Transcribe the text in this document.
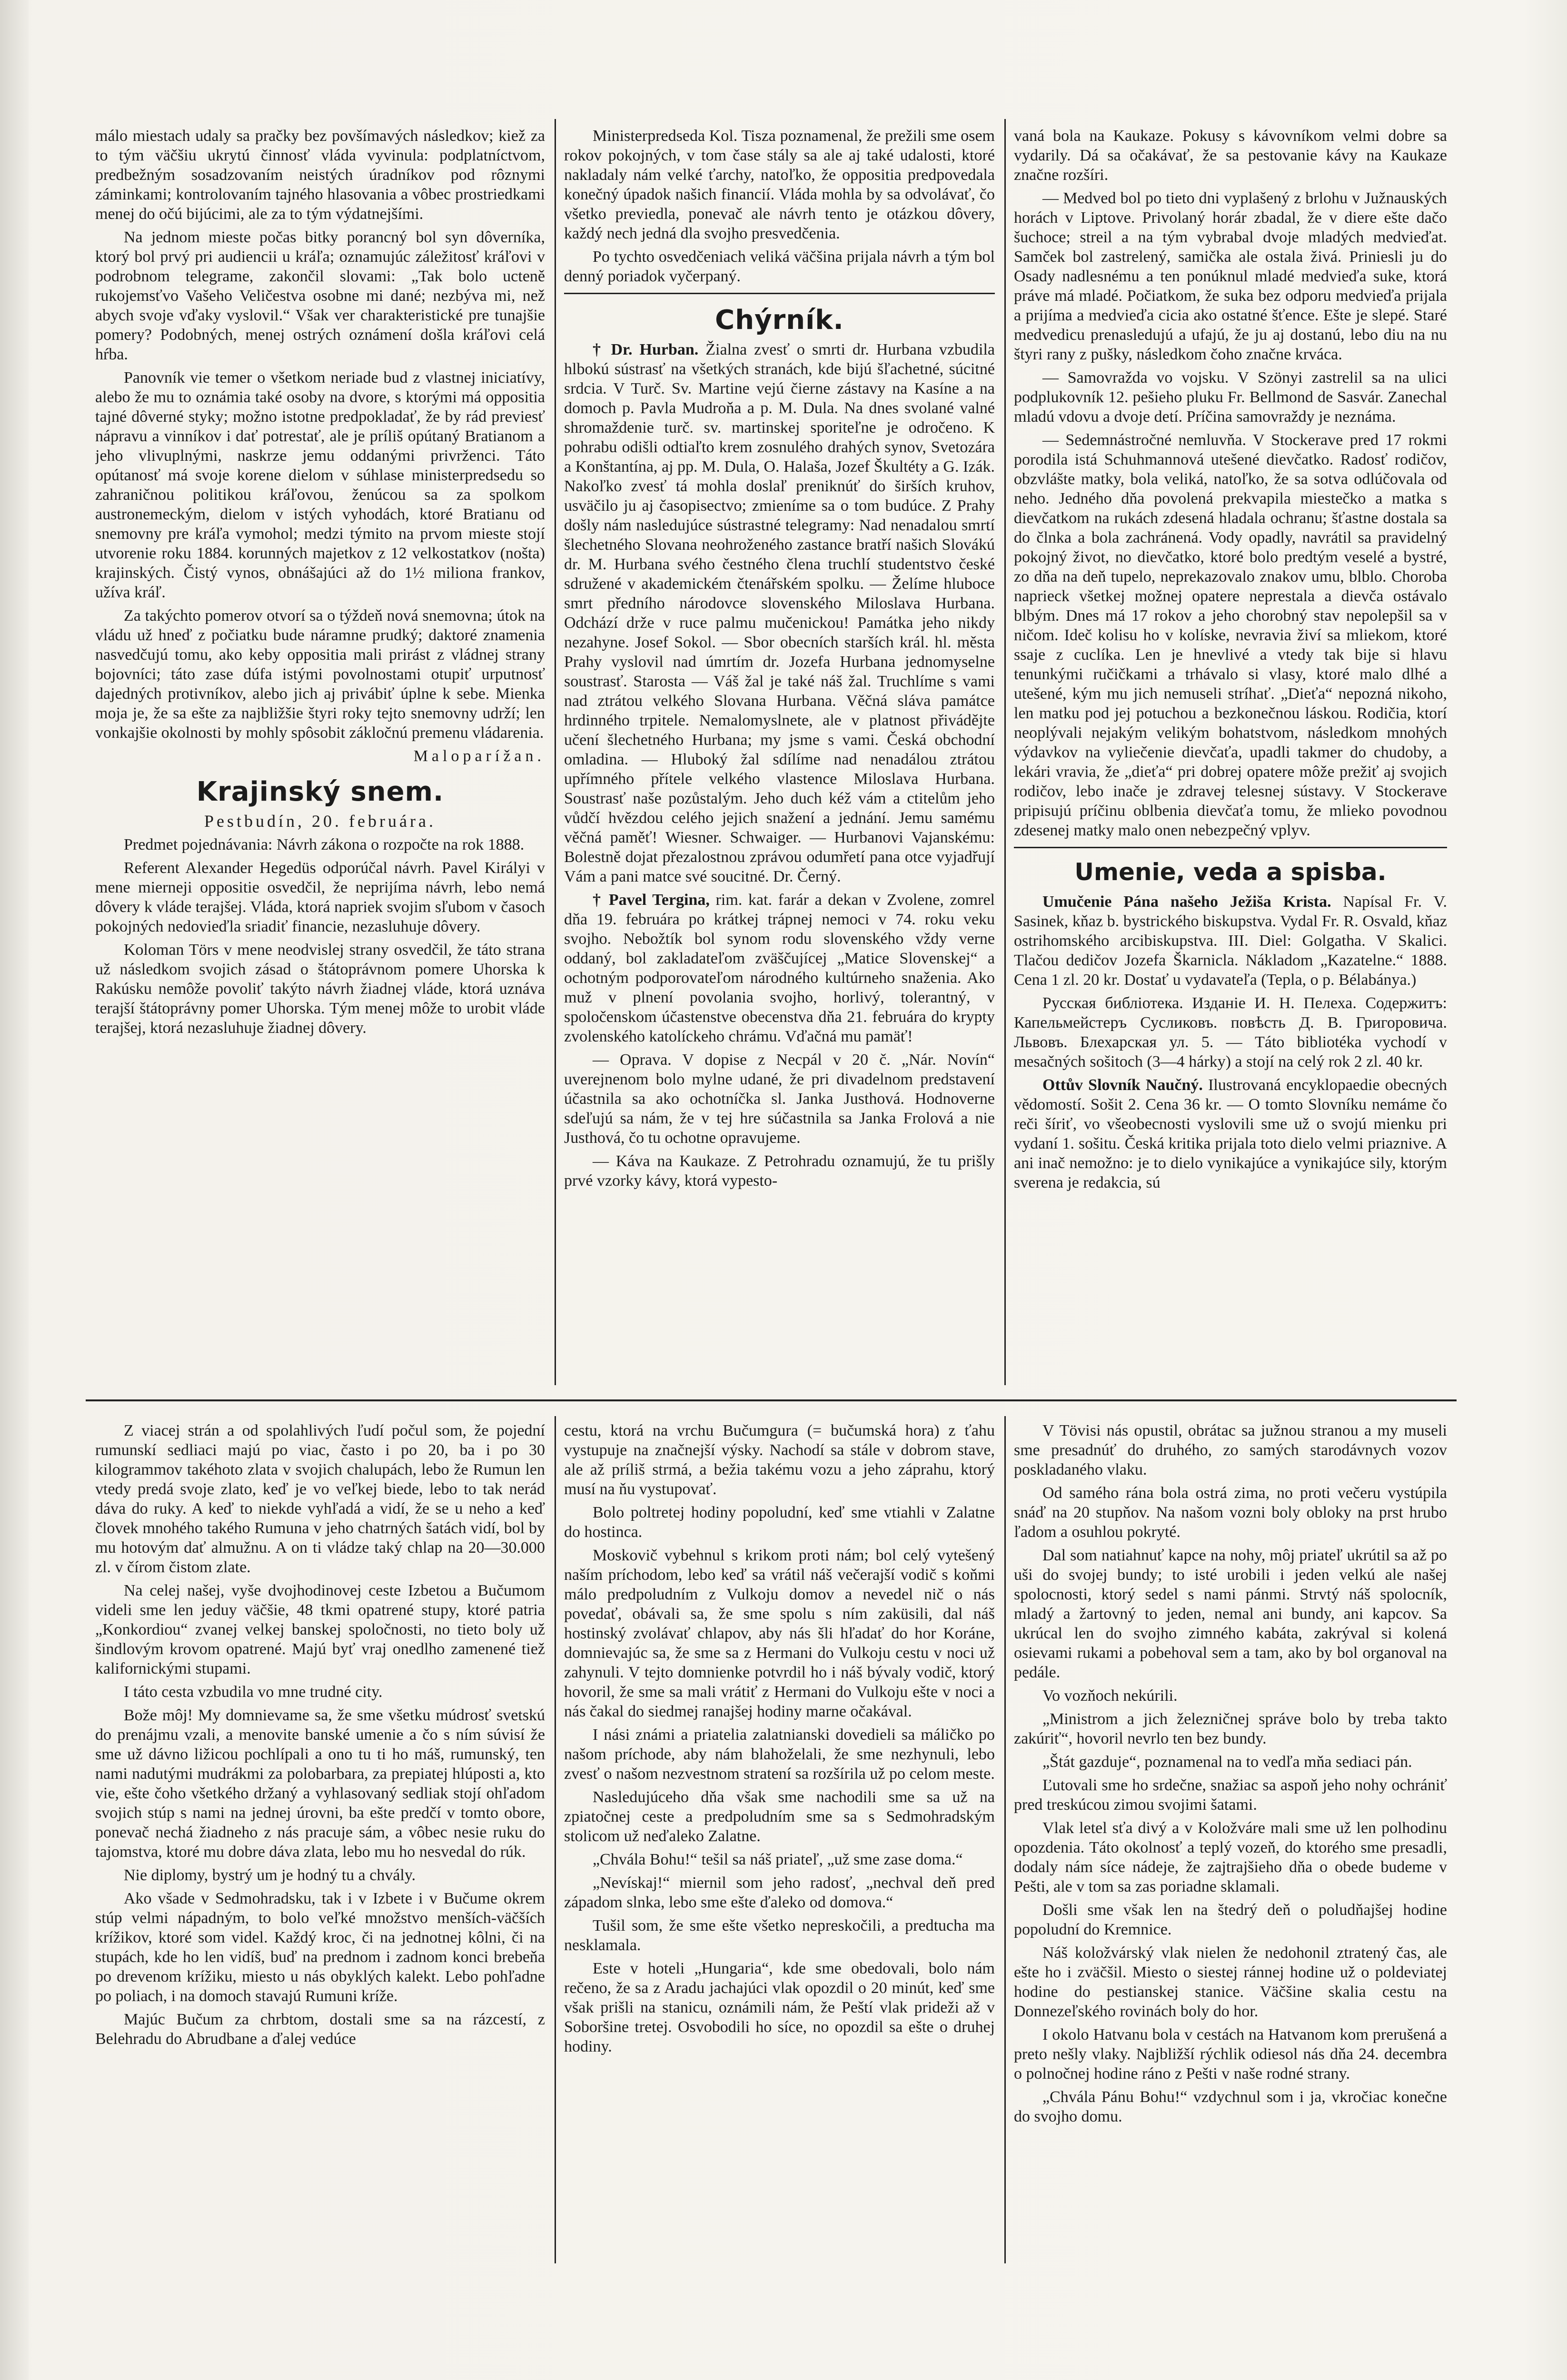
málo miestach udaly sa pračky bez povšímavých následkov; kiež za to tým väčšiu ukrytú činnosť vláda vyvinula: podplatníctvom, predbežným sosadzovaním neistých úradníkov pod rôznymi záminkami; kontrolovaním tajného hlasovania a vôbec prostriedkami menej do očú bijúcimi, ale za to tým výdatnejšími.

Na jednom mieste počas bitky porancný bol syn dôverníka, ktorý bol prvý pri audiencii u kráľa; oznamujúc záležitosť kráľovi v podrobnom telegrame, zakončil slovami: „Tak bolo ucteně rukojemsťvo Vašeho Veličestva osobne mi dané; nezbýva mi, než abych svoje vďaky vyslovil.“ Však ver charakteristické pre tunajšie pomery? Podobných, menej ostrých oznámení došla kráľovi celá hŕba.

Panovník vie temer o všetkom neriade bud z vlastnej iniciatívy, alebo že mu to oznámia také osoby na dvore, s ktorými má oppositia tajné dôverné styky; možno istotne predpokladať, že by rád previesť nápravu a vinníkov i dať potrestať, ale je príliš opútaný Bratianom a jeho vlivuplnými, naskrze jemu oddanými privrženci. Táto opútanosť má svoje korene dielom v súhlase ministerpredsedu so zahraničnou politikou kráľovou, ženúcou sa za spolkom austronemeckým, dielom v istých vyhodách, ktoré Bratianu od snemovny pre kráľa vymohol; medzi týmito na prvom mieste stojí utvorenie roku 1884. korunných majetkov z 12 velkostatkov (nošta) krajinských. Čistý vynos, obnášajúci až do 1½ miliona frankov, užíva kráľ.

Za takýchto pomerov otvorí sa o týždeň nová snemovna; útok na vládu už hneď z počiatku bude náramne prudký; daktoré znamenia nasvedčujú tomu, ako keby oppositia mali prirást z vládnej strany bojovníci; táto zase dúfa istými povolnostami otupiť urputnosť dajedných protivníkov, alebo jich aj privábiť úplne k sebe. Mienka moja je, že sa ešte za najbližšie štyri roky tejto snemovny udrží; len vonkajšie okolnosti by mohly spôsobit zákločnú premenu vládarenia.

Maloparížan.

Krajinský snem.

Pestbudín, 20. februára.

Predmet pojednávania: Návrh zákona o rozpočte na rok 1888.

Referent Alexander Hegedüs odporúčal návrh. Pavel Királyi v mene mierneji oppositie osvedčil, že neprijíma návrh, lebo nemá dôvery k vláde terajšej. Vláda, ktorá napriek svojim sľubom v časoch pokojných nedovieďla sriadiť financie, nezasluhuje dôvery.

Koloman Törs v mene neodvislej strany osvedčil, že táto strana už následkom svojich zásad o štátoprávnom pomere Uhorska k Rakúsku nemôže povoliť takýto návrh žiadnej vláde, ktorá uznáva terajší štátoprávny pomer Uhorska. Tým menej môže to urobit vláde terajšej, ktorá nezasluhuje žiadnej dôvery.

Ministerpredseda Kol. Tisza poznamenal, že prežili sme osem rokov pokojných, v tom čase stály sa ale aj také udalosti, ktoré nakladaly nám velké ťarchy, natoľko, že oppositia predpovedala konečný úpadok našich financií. Vláda mohla by sa odvolávať, čo všetko previedla, ponevač ale návrh tento je otázkou dôvery, každý nech jedná dla svojho presvedčenia.

Po tychto osvedčeniach veliká väčšina prijala návrh a tým bol denný poriadok vyčerpaný.

Chýrník.

† Dr. Hurban. Žialna zvesť o smrti dr. Hurbana vzbudila hlbokú sústrasť na všetkých stranách, kde bijú šľachetné, súcitné srdcia. V Turč. Sv. Martine vejú čierne zástavy na Kasíne a na domoch p. Pavla Mudroňa a p. M. Dula. Na dnes svolané valné shromaždenie turč. sv. martinskej sporiteľne je odročeno. K pohrabu odišli odtiaľto krem zosnulého drahých synov, Svetozára a Konštantína, aj pp. M. Dula, O. Halaša, Jozef Škultéty a G. Izák. Nakoľko zvesť tá mohla doslaľ preniknúť do širších kruhov, usväčilo ju aj časopisectvo; zmieníme sa o tom budúce. Z Prahy došly nám nasledujúce sústrastné telegramy: Nad nenadalou smrtí šlechetného Slovana neohroženého zastance bratří našich Slovákú dr. M. Hurbana svého čestného člena truchlí studentstvo české sdružené v akademickém čtenářském spolku. — Želíme hluboce smrt předního národovce slovenského Miloslava Hurbana. Odchází drže v ruce palmu mučenickou! Památka jeho nikdy nezahyne. Josef Sokol. — Sbor obecních starších král. hl. města Prahy vyslovil nad úmrtím dr. Jozefa Hurbana jednomyselne soustrasť. Starosta — Váš žal je také náš žal. Truchlíme s vami nad ztrátou velkého Slovana Hurbana. Věčná sláva památce hrdinného trpitele. Nemalomyslnete, ale v platnost přivádějte učení šlechetného Hurbana; my jsme s vami. Česká obchodní omladina. — Hluboký žal sdílíme nad nenadálou ztrátou upřímného přítele velkého vlastence Miloslava Hurbana. Soustrasť naše pozůstalým. Jeho duch kéž vám a ctitelům jeho vůdčí hvězdou celého jejich snažení a jednání. Jemu samému věčná paměť! Wiesner. Schwaiger. — Hurbanovi Vajanskému: Bolestně dojat přezalostnou zprávou odumřetí pana otce vyjadřují Vám a pani matce své soucitné. Dr. Černý.

† Pavel Tergina, rim. kat. farár a dekan v Zvolene, zomrel dňa 19. februára po krátkej trápnej nemoci v 74. roku veku svojho. Nebožtík bol synom rodu slovenského vždy verne oddaný, bol zakladateľom zväščujícej „Matice Slovenskej“ a ochotným podporovateľom národného kultúrneho snaženia. Ako muž v plnení povolania svojho, horlivý, tolerantný, v spoločenskom účastenstve obecenstva dňa 21. februára do krypty zvolenského katolíckeho chrámu. Vďačná mu pamäť!

— Oprava. V dopise z Necpál v 20 č. „Nár. Novín“ uverejnenom bolo mylne udané, že pri divadelnom predstavení účastnila sa ako ochotníčka sl. Janka Justhová. Hodnoverne sdeľujú sa nám, že v tej hre súčastnila sa Janka Frolová a nie Justhová, čo tu ochotne opravujeme.

— Káva na Kaukaze. Z Petrohradu oznamujú, že tu prišly prvé vzorky kávy, ktorá vypesto-

vaná bola na Kaukaze. Pokusy s kávovníkom velmi dobre sa vydarily. Dá sa očakávať, že sa pestovanie kávy na Kaukaze značne rozšíri.

— Medved bol po tieto dni vyplašený z brlohu v Južnauských horách v Liptove. Privolaný horár zbadal, že v diere ešte dačo šuchoce; streil a na tým vybrabal dvoje mladých medvieďat. Samček bol zastrelený, samička ale ostala živá. Priniesli ju do Osady nadlesnému a ten ponúknul mladé medvieďa suke, ktorá práve má mladé. Počiatkom, že suka bez odporu medvieďa prijala a prijíma a medvieďa cicia ako ostatné šťence. Ešte je slepé. Staré medvedicu prenasledujú a ufajú, že ju aj dostanú, lebo diu na nu štyri rany z pušky, následkom čoho značne krváca.

— Samovražda vo vojsku. V Szönyi zastrelil sa na ulici podplukovník 12. pešieho pluku Fr. Bellmond de Sasvár. Zanechal mladú vdovu a dvoje detí. Príčina samovraždy je neznáma.

— Sedemnástročné nemluvňa. V Stockerave pred 17 rokmi porodila istá Schuhmannová utešené dievčatko. Radosť rodičov, obzvlášte matky, bola veliká, natoľko, že sa sotva odlúčovala od neho. Jedného dňa povolená prekvapila miestečko a matka s dievčatkom na rukách zdesená hladala ochranu; šťastne dostala sa do člnka a bola zachránená. Vody opadly, navrátil sa pravidelný pokojný život, no dievčatko, ktoré bolo predtým veselé a bystré, zo dňa na deň tupelo, neprekazovalo znakov umu, blblo. Choroba naprieck všetkej možnej opatere neprestala a dievča ostávalo blbým. Dnes má 17 rokov a jeho chorobný stav nepolepšil sa v ničom. Ideč kolisu ho v kolíske, nevravia živí sa mliekom, ktoré ssaje z cuclíka. Len je hnevlivé a vtedy tak bije si hlavu tenunkými ručičkami a trhávalo si vlasy, ktoré malo dlhé a utešené, kým mu jich nemuseli stríhať. „Dieťa“ nepozná nikoho, len matku pod jej potuchou a bezkonečnou láskou. Rodičia, ktorí neoplývali nejakým velikým bohatstvom, následkom mnohých výdavkov na vyliečenie dievčaťa, upadli takmer do chudoby, a lekári vravia, že „dieťa“ pri dobrej opatere môže prežiť aj svojich rodičov, lebo inače je zdravej telesnej sústavy. V Stockerave pripisujú príčinu oblbenia dievčaťa tomu, že mlieko povodnou zdesenej matky malo onen nebezpečný vplyv.

Umenie, veda a spisba.

Umučenie Pána našeho Ježiša Krista. Napísal Fr. V. Sasinek, kňaz b. bystrického biskupstva. Vydal Fr. R. Osvald, kňaz ostrihomského arcibiskupstva. III. Diel: Golgatha. V Skalici. Tlačou dedičov Jozefa Škarnicla. Nákladom „Kazatelne.“ 1888. Cena 1 zl. 20 kr. Dostať u vydavateľa (Tepla, o p. Bélabánya.)

Русская библіотека. Изданіе И. Н. Пелеха. Содержитъ: Капельмейстеръ Сусликовъ. повѣсть Д. В. Григоровича. Львовъ. Блехарская ул. 5. — Táto bibliotéka vychodí v mesačných sošitoch (3—4 hárky) a stojí na celý rok 2 zl. 40 kr.

Ottův Slovník Naučný. Ilustrovaná encyklopaedie obecných vědomostí. Sošit 2. Cena 36 kr. — O tomto Slovníku nemáme čo reči šíriť, vo všeobecnosti vyslovili sme už o svojú mienku pri vydaní 1. sošitu. Česká kritika prijala toto dielo velmi priaznive. A ani inač nemožno: je to dielo vynikajúce a vynikajúce sily, ktorým sverena je redakcia, sú

Z viacej strán a od spolahlivých ľudí počul som, že pojední rumunskí sedliaci majú po viac, často i po 20, ba i po 30 kilogrammov takéhoto zlata v svojich chalupách, lebo že Rumun len vtedy predá svoje zlato, keď je vo veľkej biede, lebo to tak nerád dáva do ruky. A keď to niekde vyhľadá a vidí, že se u neho a keď človek mnohého takého Rumuna v jeho chatrných šatách vidí, bol by mu hotovým dať almužnu. A on ti vládze taký chlap na 20—30.000 zl. v čírom čistom zlate.

Na celej našej, vyše dvojhodinovej ceste Izbetou a Bučumom videli sme len jeduy väčšie, 48 tkmi opatrené stupy, ktoré patria „Konkordiou“ zvanej velkej banskej spoločnosti, no tieto boly už šindlovým krovom opatrené. Majú byť vraj onedlho zamenené tiež kalifornickými stupami.

I táto cesta vzbudila vo mne trudné city.

Bože môj! My domnievame sa, že sme všetku múdrosť svetskú do prenájmu vzali, a menovite banské umenie a čo s ním súvisí že sme už dávno ližicou pochlípali a ono tu ti ho máš, rumunský, ten nami nadutými mudrákmi za polobarbara, za prepiatej hlúposti a, kto vie, ešte čoho všetkého držaný a vyhlasovaný sedliak stojí ohľadom svojich stúp s nami na jednej úrovni, ba ešte predčí v tomto obore, ponevač nechá žiadneho z nás pracuje sám, a vôbec nesie ruku do tajomstva, ktoré mu dobre dáva zlata, lebo mu ho nesvedal do rúk.

Nie diplomy, bystrý um je hodný tu a chvály.

Ako všade v Sedmohradsku, tak i v Izbete i v Bučume okrem stúp velmi nápadným, to bolo veľké množstvo menších-väčších krížikov, ktoré som videl. Každý kroc, či na jednotnej kôlni, či na stupách, kde ho len vidíš, buď na prednom i zadnom konci brebeňa po drevenom krížiku, miesto u nás obyklých kalekt. Lebo pohľadne po poliach, i na domoch stavajú Rumuni kríže.

Majúc Bučum za chrbtom, dostali sme sa na rázcestí, z Belehradu do Abrudbane a ďalej vedúce

cestu, ktorá na vrchu Bučumgura (= bučumská hora) z ťahu vystupuje na značnejší výsky. Nachodí sa stále v dobrom stave, ale až príliš strmá, a bežia takému vozu a jeho záprahu, ktorý musí na ňu vystupovať.

Bolo poltretej hodiny popoludní, keď sme vtiahli v Zalatne do hostinca.

Moskovič vybehnul s krikom proti nám; bol celý vytešený naším príchodom, lebo keď sa vrátil náš večerajší vodič s koňmi málo predpoludním z Vulkoju domov a nevedel nič o nás povedať, obávali sa, že sme spolu s ním zaküsili, dal náš hostinský zvolávať chlapov, aby nás šli hľadať do hor Koráne, domnievajúc sa, že sme sa z Hermani do Vulkoju cestu v noci už zahynuli. V tejto domnienke potvrdil ho i náš bývaly vodič, ktorý hovoril, že sme sa mali vrátiť z Hermani do Vulkoju ešte v noci a nás čakal do siedmej ranajšej hodiny marne očakával.

I nási známi a priatelia zalatnianski dovedieli sa máličko po našom príchode, aby nám blahoželali, že sme nezhynuli, lebo zvesť o našom nezvestnom stratení sa rozšírila už po celom meste.

Nasledujúceho dňa však sme nachodili sme sa už na zpiatočnej ceste a predpoludním sme sa s Sedmohradským stolicom už neďaleko Zalatne.

„Chvála Bohu!“ tešil sa náš priateľ, „už sme zase doma.“

„Nevískaj!“ miernil som jeho radosť, „nechval deň pred západom slnka, lebo sme ešte ďaleko od domova.“

Tušil som, že sme ešte všetko nepreskočili, a predtucha ma nesklamala.

Este v hoteli „Hungaria“, kde sme obedovali, bolo nám rečeno, že sa z Aradu jachajúci vlak opozdil o 20 minút, keď sme však prišli na stanicu, oznámili nám, že Peští vlak prideži až v Soboršine tretej. Osvobodili ho síce, no opozdil sa ešte o druhej hodiny.

V Tövisi nás opustil, obrátac sa južnou stranou a my museli sme presadnúť do druhého, zo samých starodávnych vozov poskladaného vlaku.

Od samého rána bola ostrá zima, no proti večeru vystúpila snáď na 20 stupňov. Na našom vozni boly obloky na prst hrubo ľadom a osuhlou pokryté.

Dal som natiahnuť kapce na nohy, môj priateľ ukrútil sa až po uši do svojej bundy; to isté urobili i jeden velkú ale našej spolocnosti, ktorý sedel s nami pánmi. Strvtý náš spolocník, mladý a žartovný to jeden, nemal ani bundy, ani kapcov. Sa ukrúcal len do svojho zimného kabáta, zakrýval si kolená osievami rukami a pobehoval sem a tam, ako by bol organoval na pedále.

Vo vozňoch nekúrili.

„Ministrom a jich železničnej správe bolo by treba takto zakúriť“, hovoril nevrlo ten bez bundy.

„Štát gazduje“, poznamenal na to vedľa mňa sediaci pán.

Ľutovali sme ho srdečne, snažiac sa aspoň jeho nohy ochrániť pred treskúcou zimou svojimi šatami.

Vlak letel sťa divý a v Koložváre mali sme už len polhodinu opozdenia. Táto okolnosť a teplý vozeň, do ktorého sme presadli, dodaly nám síce nádeje, že zajtrajšieho dňa o obede budeme v Pešti, ale v tom sa zas poriadne sklamali.

Došli sme však len na štedrý deň o poludňajšej hodine popoludní do Kremnice.

Náš koložvárský vlak nielen že nedohonil ztratený čas, ale ešte ho i zväčšil. Miesto o siestej ránnej hodine už o poldeviatej hodine do pestianskej stanice. Väčšine skalia cestu na Donnezeľského rovinách boly do hor.

I okolo Hatvanu bola v cestách na Hatvanom kom prerušená a preto nešly vlaky. Najbližší rýchlik odiesol nás dňa 24. decembra o polnočnej hodine ráno z Pešti v naše rodné strany.

„Chvála Pánu Bohu!“ vzdychnul som i ja, vkročiac konečne do svojho domu.
